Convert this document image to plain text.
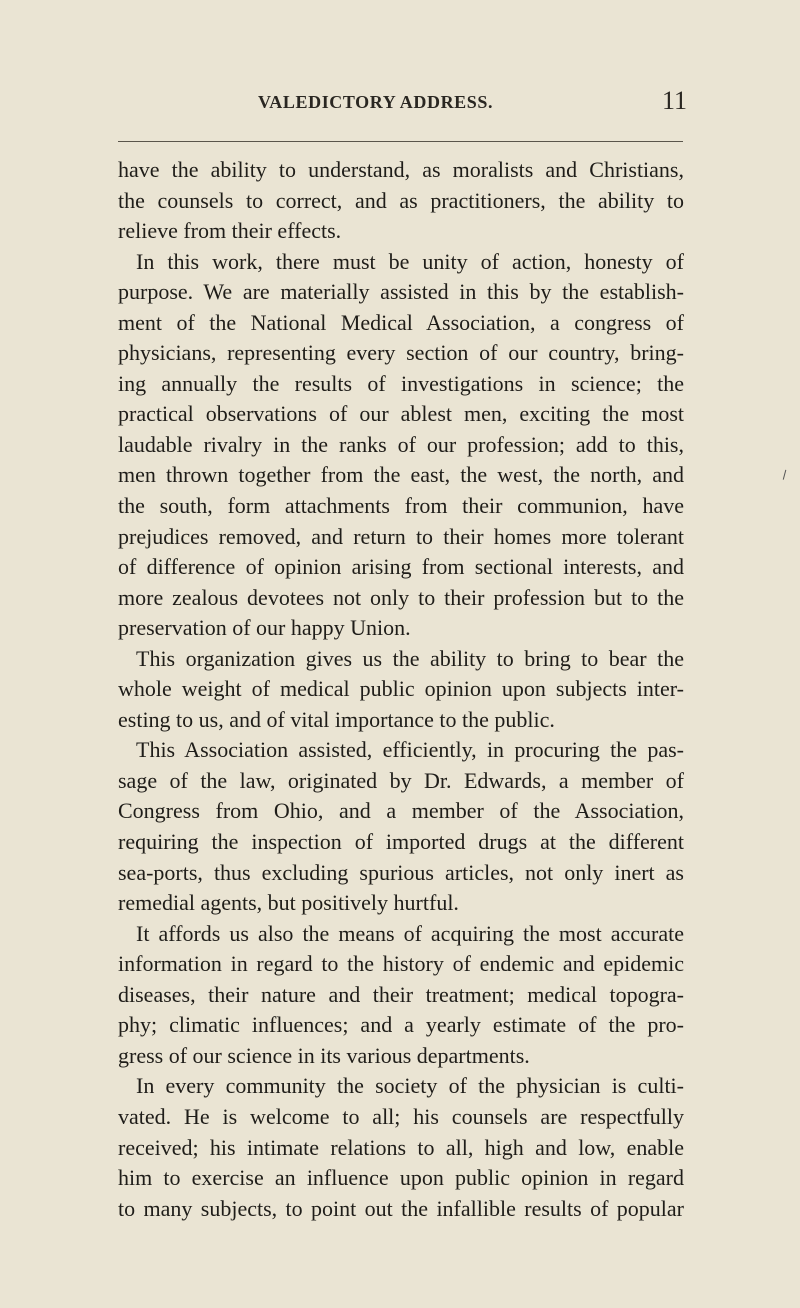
VALEDICTORY ADDRESS.	11
have the ability to understand, as moralists and Christians,
the counsels to correct, and as practitioners, the ability to
relieve from their effects.
In this work, there must be unity of action, honesty of
purpose. We are materially assisted in this by the establish-
ment of the National Medical Association, a congress of
physicians, representing every section of our country, bring-
ing annually the results of investigations in science; the
practical observations of our ablest men, exciting the most
laudable rivalry in the ranks of our profession; add to this,
men thrown together from the east, the west, the north, and
the south, form attachments from their communion, have
prejudices removed, and return to their homes more tolerant
of difference of opinion arising from sectional interests, and
more zealous devotees not only to their profession but to the
preservation of our happy Union.
This organization gives us the ability to bring to bear the
whole weight of medical public opinion upon subjects inter-
esting to us, and of vital importance to the public.
This Association assisted, efficiently, in procuring the pas-
sage of the law, originated by Dr. Edwards, a member of
Congress from Ohio, and a member of the Association,
requiring the inspection of imported drugs at the different
sea-ports, thus excluding spurious articles, not only inert as
remedial agents, but positively hurtful.
It affords us also the means of acquiring the most accurate
information in regard to the history of endemic and epidemic
diseases, their nature and their treatment; medical topogra-
phy; climatic influences; and a yearly estimate of the pro-
gress of our science in its various departments.
In every community the society of the physician is culti-
vated. He is welcome to all; his counsels are respectfully
received; his intimate relations to all, high and low, enable
him to exercise an influence upon public opinion in regard
to many subjects, to point out the infallible results of popular
